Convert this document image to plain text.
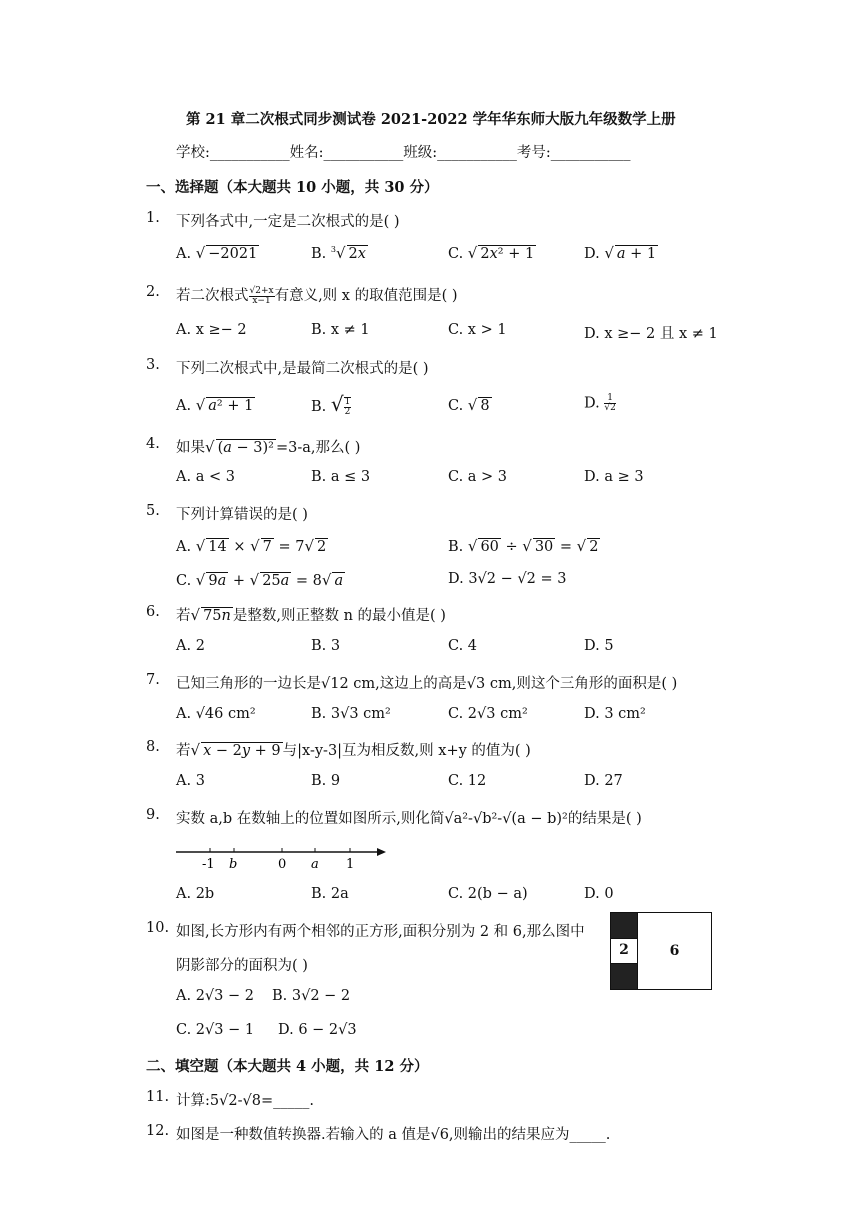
第 21 章二次根式同步测试卷 2021-2022 学年华东师大版九年级数学上册
学校:___________姓名:___________班级:___________考号:___________
一、选择题（本大题共 10 小题，共 30 分）
1. 下列各式中,一定是二次根式的是( )
A. √ −2021	B. $^3$√ 2x	C. √ 2x² + 1	D. √ a + 1
2. 若二次根式 $\frac{√2+x}{x-1}$ 有意义,则 x 的取值范围是( )
A. x ≥− 2	B. x ≠ 1	C. x > 1	D. x ≥− 2 且 x ≠ 1
3. 下列二次根式中,是最简二次根式的是( )
A. √ a² + 1	B. √ $\frac{1}{2}$	C. √ 8	D. $\frac{1}{√2}$
4. 如果√ (a − 3)² =3-a,那么( )
A. a < 3	B. a ≤ 3	C. a > 3	D. a ≥ 3
5. 下列计算错误的是( )
A. √ 14 × √ 7 = 7√ 2	B. √ 60 ÷ √ 30 = √ 2
C. √ 9a + √ 25a = 8√ a	D. 3√2 − √2 = 3
6. 若√ 75n 是整数,则正整数 n 的最小值是( )
A. 2	B. 3	C. 4	D. 5
7. 已知三角形的一边长是√12 cm,这边上的高是√3 cm,则这个三角形的面积是( )
A. √46 cm²	B. 3√3 cm²	C. 2√3 cm²	D. 3 cm²
8. 若√ x − 2y + 9 与|x-y-3|互为相反数,则 x+y 的值为( )
A. 3	B. 9	C. 12	D. 27
9. 实数 a,b 在数轴上的位置如图所示,则化简√a²-√b²-√(a − b)²的结果是( )
-1 b	0 a 1
A. 2b	B. 2a	C. 2(b − a)	D. 0
10. 如图,长方形内有两个相邻的正方形,面积分别为 2 和 6,那么图中
阴影部分的面积为( )
A. 2√3 − 2 B. 3√2 − 2
C. 2√3 − 1 D. 6 − 2√3
2	6
二、填空题（本大题共 4 小题，共 12 分）
11. 计算:5√2-√8=_____.
12. 如图是一种数值转换器.若输入的 a 值是√6,则输出的结果应为_____.
